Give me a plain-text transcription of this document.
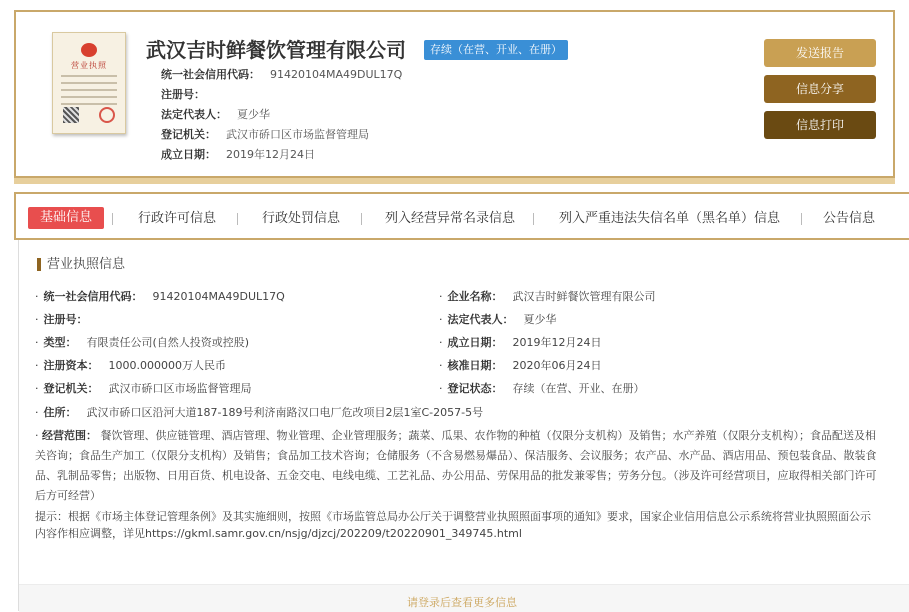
营业执照
武汉吉时鲜餐饮管理有限公司	存续（在营、开业、在册）
统一社会信用代码： 91420104MA49DUL17Q
注册号：
法定代表人： 夏少华
登记机关： 武汉市硚口区市场监督管理局
成立日期： 2019年12月24日
发送报告
信息分享
信息打印
基础信息	行政许可信息	行政处罚信息	列入经营异常名录信息	列入严重违法失信名单（黑名单）信息	公告信息
营业执照信息
· 统一社会信用代码： 91420104MA49DUL17Q
· 注册号：
· 类型： 有限责任公司(自然人投资或控股)
· 注册资本： 1000.000000万人民币
· 登记机关： 武汉市硚口区市场监督管理局
· 住所： 武汉市硚口区沿河大道187-189号利济南路汉口电厂危改项目2层1室C-2057-5号
· 企业名称： 武汉吉时鲜餐饮管理有限公司
· 法定代表人： 夏少华
· 成立日期： 2019年12月24日
· 核准日期： 2020年06月24日
· 登记状态： 存续（在营、开业、在册）
· 经营范围： 餐饮管理、供应链管理、酒店管理、物业管理、企业管理服务；蔬菜、瓜果、农作物的种植（仅限分支机构）及销售；水产养殖（仅限分支机构）；食品配送及相关咨询；食品生产加工（仅限分支机构）及销售；食品加工技术咨询；仓储服务（不含易燃易爆品）、保洁服务、会议服务；农产品、水产品、酒店用品、预包装食品、散装食品、乳制品零售；出版物、日用百货、机电设备、五金交电、电线电缆、工艺礼品、办公用品、劳保用品的批发兼零售；劳务分包。（涉及许可经营项目，应取得相关部门许可后方可经营）
提示：根据《市场主体登记管理条例》及其实施细则，按照《市场监管总局办公厅关于调整营业执照照面事项的通知》要求，国家企业信用信息公示系统将营业执照照面公示内容作相应调整，详见https://gkml.samr.gov.cn/nsjg/djzcj/202209/t20220901_349745.html
请登录后查看更多信息
